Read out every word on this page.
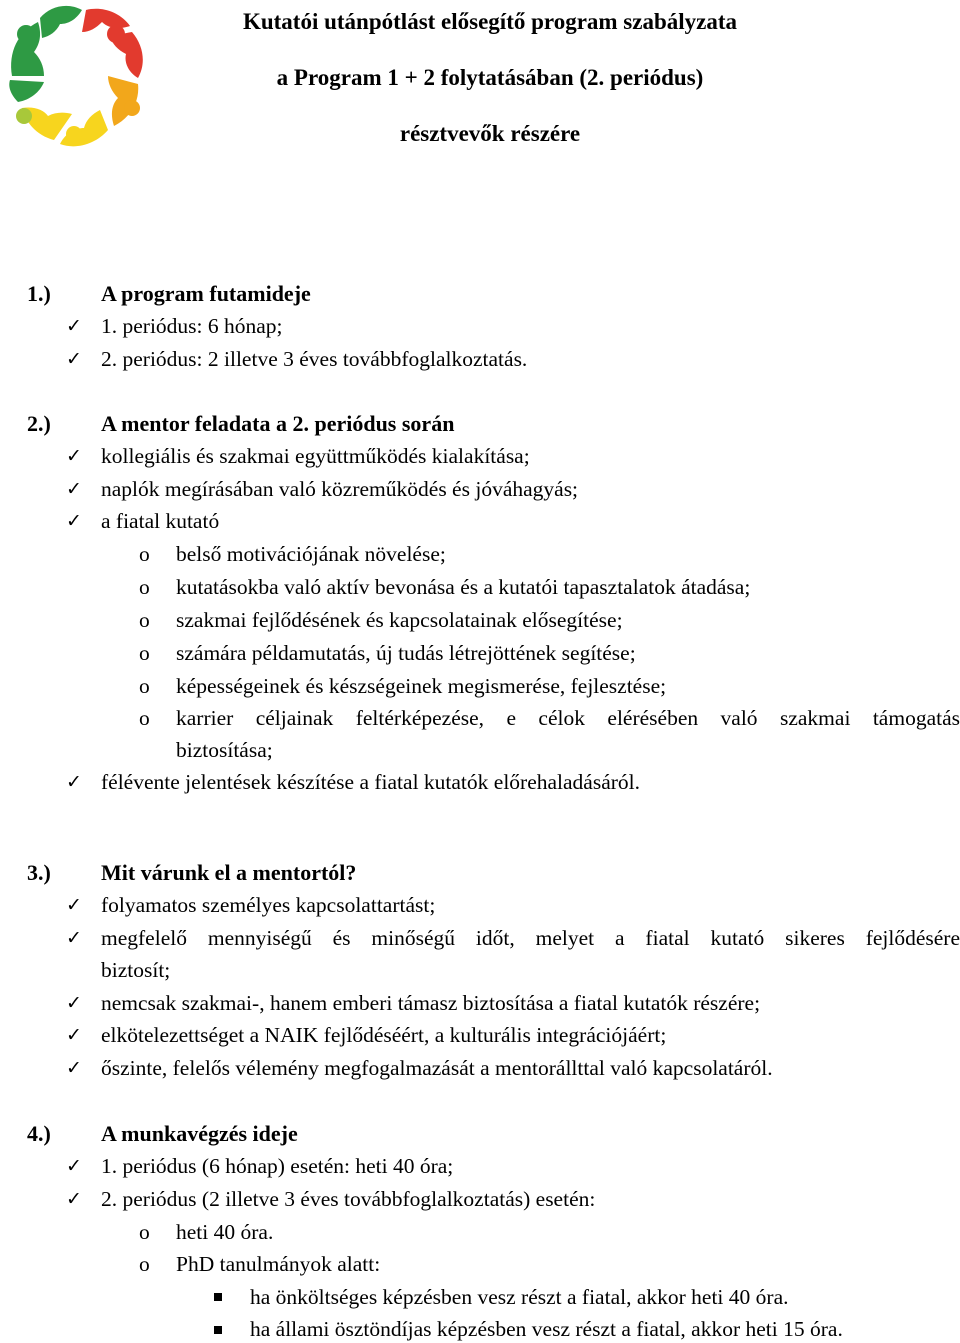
Kutatói utánpótlást elősegítő program szabályzata
a Program 1 + 2 folytatásában (2. periódus)
résztvevők részére
1.) A program futamideje
✓ 1. periódus: 6 hónap;
✓ 2. periódus: 2 illetve 3 éves továbbfoglalkoztatás.
2.) A mentor feladata a 2. periódus során
✓ kollegiális és szakmai együttműködés kialakítása;
✓ naplók megírásában való közreműködés és jóváhagyás;
✓ a fiatal kutató
o belső motivációjának növelése;
o kutatásokba való aktív bevonása és a kutatói tapasztalatok átadása;
o szakmai fejlődésének és kapcsolatainak elősegítése;
o számára példamutatás, új tudás létrejöttének segítése;
o képességeinek és készségeinek megismerése, fejlesztése;
o karrier céljainak feltérképezése, e célok elérésében való szakmai támogatás
biztosítása;
✓ félévente jelentések készítése a fiatal kutatók előrehaladásáról.
3.) Mit várunk el a mentortól?
✓ folyamatos személyes kapcsolattartást;
✓ megfelelő mennyiségű és minőségű időt, melyet a fiatal kutató sikeres fejlődésére
biztosít;
✓ nemcsak szakmai-, hanem emberi támasz biztosítása a fiatal kutatók részére;
✓ elkötelezettséget a NAIK fejlődéséért, a kulturális integrációjáért;
✓ őszinte, felelős vélemény megfogalmazását a mentorállttal való kapcsolatáról.
4.) A munkavégzés ideje
✓ 1. periódus (6 hónap) esetén: heti 40 óra;
✓ 2. periódus (2 illetve 3 éves továbbfoglalkoztatás) esetén:
o heti 40 óra.
o PhD tanulmányok alatt:
ha önköltséges képzésben vesz részt a fiatal, akkor heti 40 óra.
ha állami ösztöndíjas képzésben vesz részt a fiatal, akkor heti 15 óra.
